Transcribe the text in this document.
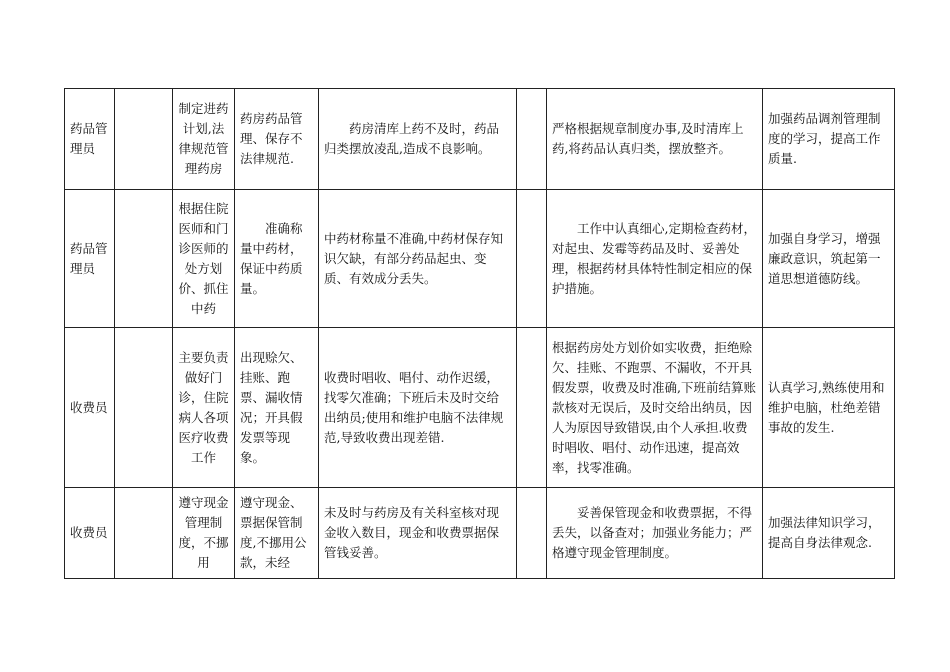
药品管理员		制定进药计划,法律规范管理药房	药房药品管理、保存不法律规范.	药房清库上药不及时，药品归类摆放凌乱,造成不良影响。		严格根据规章制度办事,及时清库上药,将药品认真归类，摆放整齐。	加强药品调剂管理制度的学习，提高工作质量.
药品管理员		根据住院医师和门诊医师的处方划价、抓住中药	准确称量中药材，保证中药质量。	中药材称量不准确,中药材保存知识欠缺，有部分药品起虫、变质、有效成分丢失。		工作中认真细心,定期检查药材，对起虫、发霉等药品及时、妥善处理，根据药材具体特性制定相应的保护措施。	加强自身学习，增强廉政意识，筑起第一道思想道德防线。
收费员		主要负责做好门诊，住院病人各项医疗收费工作	出现赊欠、挂账、跑票、漏收情况；开具假发票等现象。	收费时唱收、唱付、动作迟缓，找零欠准确；下班后未及时交给出纳员;使用和维护电脑不法律规范,导致收费出现差错.		根据药房处方划价如实收费，拒绝赊欠、挂账、不跑票、不漏收，不开具假发票，收费及时准确,下班前结算账款核对无误后，及时交给出纳员，因人为原因导致错误,由个人承担.收费时唱收、唱付、动作迅速，提高效率，找零准确。	认真学习,熟练使用和维护电脑，杜绝差错事故的发生.
收费员		遵守现金管理制度，不挪用	遵守现金、票据保管制度,不挪用公款，未经	未及时与药房及有关科室核对现金收入数目，现金和收费票据保管钱妥善。		妥善保管现金和收费票据，不得丢失，以备查对；加强业务能力；严格遵守现金管理制度。	加强法律知识学习，提高自身法律观念.
